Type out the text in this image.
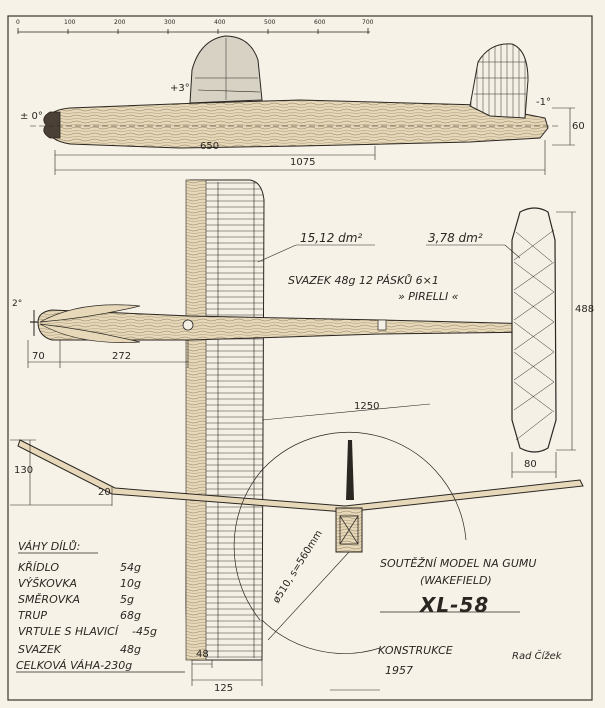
0	100	200	300	400	500	600	700
± 0°
+3°
-1°
650
1075
60
15,12 dm²	3,78 dm²
SVAZEK 48g 12 PÁSKŮ 6×1
» PIRELLI «
70	272
2°	488
80
48
125
1250
130
20
ø510, s=560mm
VÁHY DÍLŮ:
KŘÍDLO	54g
VÝŠKOVKA	10g
SMĚROVKA	5g
TRUP	68g
VRTULE S HLAVICÍ -45g
SVAZEK	48g
CELKOVÁ VÁHA-230g
SOUTĚŽNÍ MODEL NA GUMU
(WAKEFIELD)
XL-58
KONSTRUKCE
1957
Rad Čížek
